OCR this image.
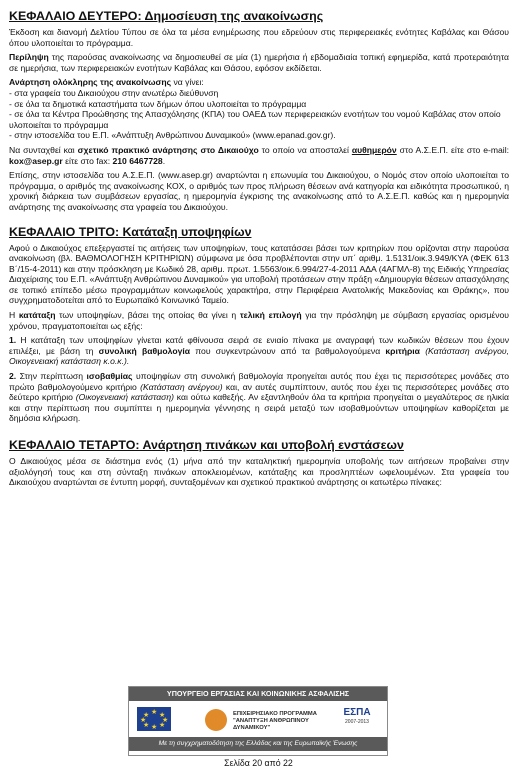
ΚΕΦΑΛΑΙΟ ΔΕΥΤΕΡΟ: Δημοσίευση της ανακοίνωσης

Έκδοση και διανομή Δελτίου Τύπου σε όλα τα μέσα ενημέρωσης που εδρεύουν στις περιφερειακές ενότητες Καβάλας και Θάσου όπου υλοποιείται το πρόγραμμα.

Περίληψη της παρούσας ανακοίνωσης να δημοσιευθεί σε μία (1) ημερήσια ή εβδομαδιαία τοπική εφημερίδα, κατά προτεραιότητα σε ημερήσια, των περιφερειακών ενοτήτων Καβάλας και Θάσου, εφόσον εκδίδεται.

Ανάρτηση ολόκληρης της ανακοίνωσης να γίνει:

- στα γραφεία του Δικαιούχου στην ανωτέρω διεύθυνση

- σε όλα τα δημοτικά καταστήματα των δήμων όπου υλοποιείται το πρόγραμμα

- σε όλα τα Κέντρα Προώθησης της Απασχόλησης (ΚΠΑ) του ΟΑΕΔ των περιφερειακών ενοτήτων του νομού Καβάλας στον οποίο υλοποιείται το πρόγραμμα

- στην ιστοσελίδα του Ε.Π. «Ανάπτυξη Ανθρώπινου Δυναμικού» (www.epanad.gov.gr).

Να συνταχθεί και σχετικό πρακτικό ανάρτησης στο Δικαιούχο το οποίο να αποσταλεί αυθημερόν στο Α.Σ.Ε.Π. είτε στο e-mail: kox@asep.gr είτε στο fax: 210 6467728.

Επίσης, στην ιστοσελίδα του Α.Σ.Ε.Π. (www.asep.gr) αναρτώνται η επωνυμία του Δικαιούχου, ο Νομός στον οποίο υλοποιείται το πρόγραμμα, ο αριθμός της ανακοίνωσης ΚΟΧ, ο αριθμός των προς πλήρωση θέσεων ανά κατηγορία και ειδικότητα προσωπικού, η χρονική διάρκεια των συμβάσεων εργασίας, η ημερομηνία έγκρισης της ανακοίνωσης από το Α.Σ.Ε.Π. καθώς και η ημερομηνία ανάρτησης της ανακοίνωσης στα γραφεία του Δικαιούχου.

ΚΕΦΑΛΑΙΟ ΤΡΙΤΟ: Κατάταξη υποψηφίων

Αφού ο Δικαιούχος επεξεργαστεί τις αιτήσεις των υποψηφίων, τους κατατάσσει βάσει των κριτηρίων που ορίζονται στην παρούσα ανακοίνωση (βλ. ΒΑΘΜΟΛΟΓΗΣΗ ΚΡΙΤΗΡΙΩΝ) σύμφωνα με όσα προβλέπονται στην υπ΄ αριθμ. 1.5131/οικ.3.949/ΚΥΑ (ΦΕΚ 613 Β΄/15-4-2011) και στην πρόσκληση με Κωδικό 28, αριθμ. πρωτ. 1.5563/οικ.6.994/27-4-2011 ΑΔΑ (4ΑΓΜΛ-8) της Ειδικής Υπηρεσίας Διαχείρισης του Ε.Π. «Ανάπτυξη Ανθρώπινου Δυναμικού» για υποβολή προτάσεων στην πράξη «Δημιουργία θέσεων απασχόλησης σε τοπικό επίπεδο μέσω προγραμμάτων κοινωφελούς χαρακτήρα, στην Περιφέρεια Ανατολικής Μακεδονίας και Θράκης», που συγχρηματοδοτείται από το Ευρωπαϊκό Κοινωνικό Ταμείο.

Η κατάταξη των υποψηφίων, βάσει της οποίας θα γίνει η τελική επιλογή για την πρόσληψη με σύμβαση εργασίας ορισμένου χρόνου, πραγματοποιείται ως εξής:

1. Η κατάταξη των υποψηφίων γίνεται κατά φθίνουσα σειρά σε ενιαίο πίνακα με αναγραφή των κωδικών θέσεων που έχουν επιλέξει, με βάση τη συνολική βαθμολογία που συγκεντρώνουν από τα βαθμολογούμενα κριτήρια (Κατάσταση ανέργου, Οικογενειακή κατάσταση κ.ο.κ.).

2. Στην περίπτωση ισοβαθμίας υποψηφίων στη συνολική βαθμολογία προηγείται αυτός που έχει τις περισσότερες μονάδες στο πρώτο βαθμολογούμενο κριτήριο (Κατάσταση ανέργου) και, αν αυτές συμπίπτουν, αυτός που έχει τις περισσότερες μονάδες στο δεύτερο κριτήριο (Οικογενειακή κατάσταση) και ούτω καθεξής. Αν εξαντληθούν όλα τα κριτήρια προηγείται ο μεγαλύτερος σε ηλικία και στην περίπτωση που συμπίπτει η ημερομηνία γέννησης η σειρά μεταξύ των ισοβαθμούντων υποψηφίων καθορίζεται με δημόσια κλήρωση.

ΚΕΦΑΛΑΙΟ ΤΕΤΑΡΤΟ: Ανάρτηση πινάκων και υποβολή ενστάσεων

Ο Δικαιούχος μέσα σε διάστημα ενός (1) μήνα από την καταληκτική ημερομηνία υποβολής των αιτήσεων προβαίνει στην αξιολόγησή τους και στη σύνταξη πινάκων αποκλειομένων, κατάταξης και προσληπτέων ωφελουμένων. Στα γραφεία του Δικαιούχου αναρτώνται σε έντυπη μορφή, συνταξομένων και σχετικού πρακτικού ανάρτησης οι κατωτέρω πίνακες:

ΥΠΟΥΡΓΕΙΟ ΕΡΓΑΣΙΑΣ ΚΑΙ ΚΟΙΝΩΝΙΚΗΣ ΑΣΦΑΛΙΣΗΣ
★ ★
★
★
★
★
★
★	ΕΠΙΧΕΙΡΗΣΙΑΚΟ ΠΡΟΓΡΑΜΜΑ
"ΑΝΑΠΤΥΞΗ ΑΝΘΡΩΠΙΝΟΥ ΔΥΝΑΜΙΚΟΥ"
ΕΣΠΑ
2007-2013
Με τη συγχρηματοδότηση της Ελλάδας και της Ευρωπαϊκής Ένωσης
Σελίδα 20 από 22
